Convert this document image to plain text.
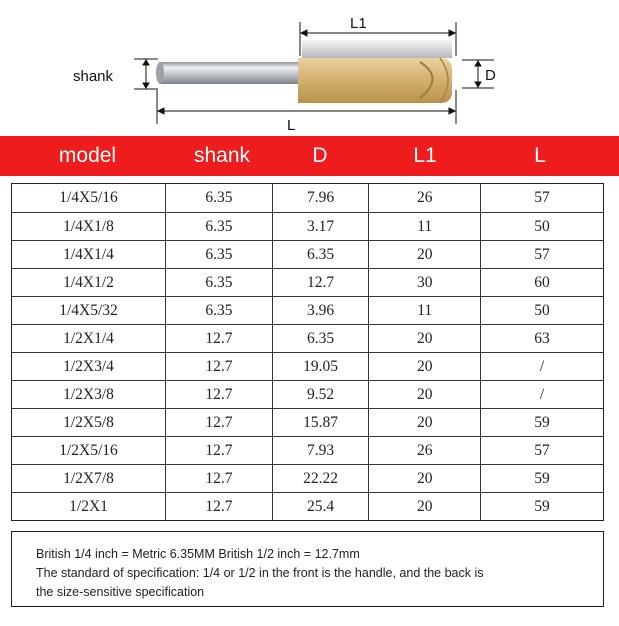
shank	D
L1
L
model	shank	D	L1	L
1/4X5/16	6.35	7.96	26	57
1/4X1/8	6.35	3.17	11	50
1/4X1/4	6.35	6.35	20	57
1/4X1/2	6.35	12.7	30	60
1/4X5/32	6.35	3.96	11	50
1/2X1/4	12.7	6.35	20	63
1/2X3/4	12.7	19.05	20	/
1/2X3/8	12.7	9.52	20	/
1/2X5/8	12.7	15.87	20	59
1/2X5/16	12.7	7.93	26	57
1/2X7/8	12.7	22.22	20	59
1/2X1	12.7	25.4	20	59
British 1/4 inch = Metric 6.35MM British 1/2 inch = 12.7mm
The standard of specification: 1/4 or 1/2 in the front is the handle, and the back is
the size-sensitive specification
